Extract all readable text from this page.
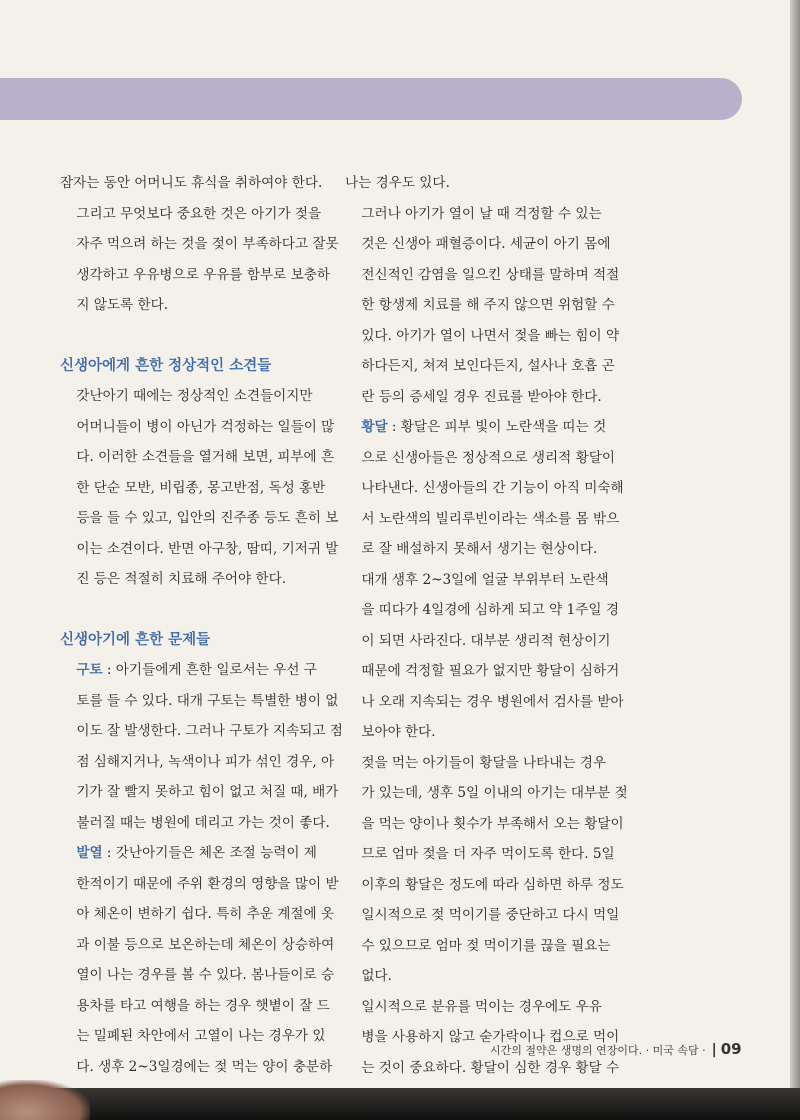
잠자는 동안 어머니도 휴식을 취하여야 한다.

그리고 무엇보다 중요한 것은 아기가 젖을
자주 먹으려 하는 것을 젖이 부족하다고 잘못
생각하고 우유병으로 우유를 함부로 보충하
지 않도록 한다.

신생아에게 흔한 정상적인 소견들

갓난아기 때에는 정상적인 소견들이지만
어머니들이 병이 아닌가 걱정하는 일들이 많
다. 이러한 소견들을 열거해 보면, 피부에 흔
한 단순 모반, 비립종, 몽고반점, 독성 홍반
등을 들 수 있고, 입안의 진주종 등도 흔히 보
이는 소견이다. 반면 아구창, 땀띠, 기저귀 발
진 등은 적절히 치료해 주어야 한다.

신생아기에 흔한 문제들

구토 : 아기들에게 흔한 일로서는 우선 구
토를 들 수 있다. 대개 구토는 특별한 병이 없
이도 잘 발생한다. 그러나 구토가 지속되고 점
점 심해지거나, 녹색이나 피가 섞인 경우, 아
기가 잘 빨지 못하고 힘이 없고 처질 때, 배가
불러질 때는 병원에 데리고 가는 것이 좋다.

발열 : 갓난아기들은 체온 조절 능력이 제
한적이기 때문에 주위 환경의 영향을 많이 받
아 체온이 변하기 쉽다. 특히 추운 계절에 옷
과 이불 등으로 보온하는데 체온이 상승하여
열이 나는 경우를 볼 수 있다. 봄나들이로 승
용차를 타고 여행을 하는 경우 햇볕이 잘 드
는 밀폐된 차안에서 고열이 나는 경우가 있
다. 생후 2~3일경에는 젖 먹는 양이 충분하

나는 경우도 있다.

그러나 아기가 열이 날 때 걱정할 수 있는
것은 신생아 패혈증이다. 세균이 아기 몸에
전신적인 감염을 일으킨 상태를 말하며 적절
한 항생제 치료를 해 주지 않으면 위험할 수
있다. 아기가 열이 나면서 젖을 빠는 힘이 약
하다든지, 쳐져 보인다든지, 설사나 호흡 곤
란 등의 증세일 경우 진료를 받아야 한다.

황달 : 황달은 피부 빛이 노란색을 띠는 것
으로 신생아들은 정상적으로 생리적 황달이
나타낸다. 신생아들의 간 기능이 아직 미숙해
서 노란색의 빌리루빈이라는 색소를 몸 밖으
로 잘 배설하지 못해서 생기는 현상이다.

대개 생후 2~3일에 얼굴 부위부터 노란색
을 띠다가 4일경에 심하게 되고 약 1주일 경
이 되면 사라진다. 대부분 생리적 현상이기
때문에 걱정할 필요가 없지만 황달이 심하거
나 오래 지속되는 경우 병원에서 검사를 받아
보아야 한다.

젖을 먹는 아기들이 황달을 나타내는 경우
가 있는데, 생후 5일 이내의 아기는 대부분 젖
을 먹는 양이나 횟수가 부족해서 오는 황달이
므로 엄마 젖을 더 자주 먹이도록 한다. 5일
이후의 황달은 정도에 따라 심하면 하루 정도
일시적으로 젖 먹이기를 중단하고 다시 먹일
수 있으므로 엄마 젖 먹이기를 끊을 필요는
없다.

일시적으로 분유를 먹이는 경우에도 우유
병을 사용하지 않고 숟가락이나 컵으로 먹이
는 것이 중요하다. 황달이 심한 경우 황달 수

시간의 절약은 생명의 연장이다. · 미국 속담 · | 09
